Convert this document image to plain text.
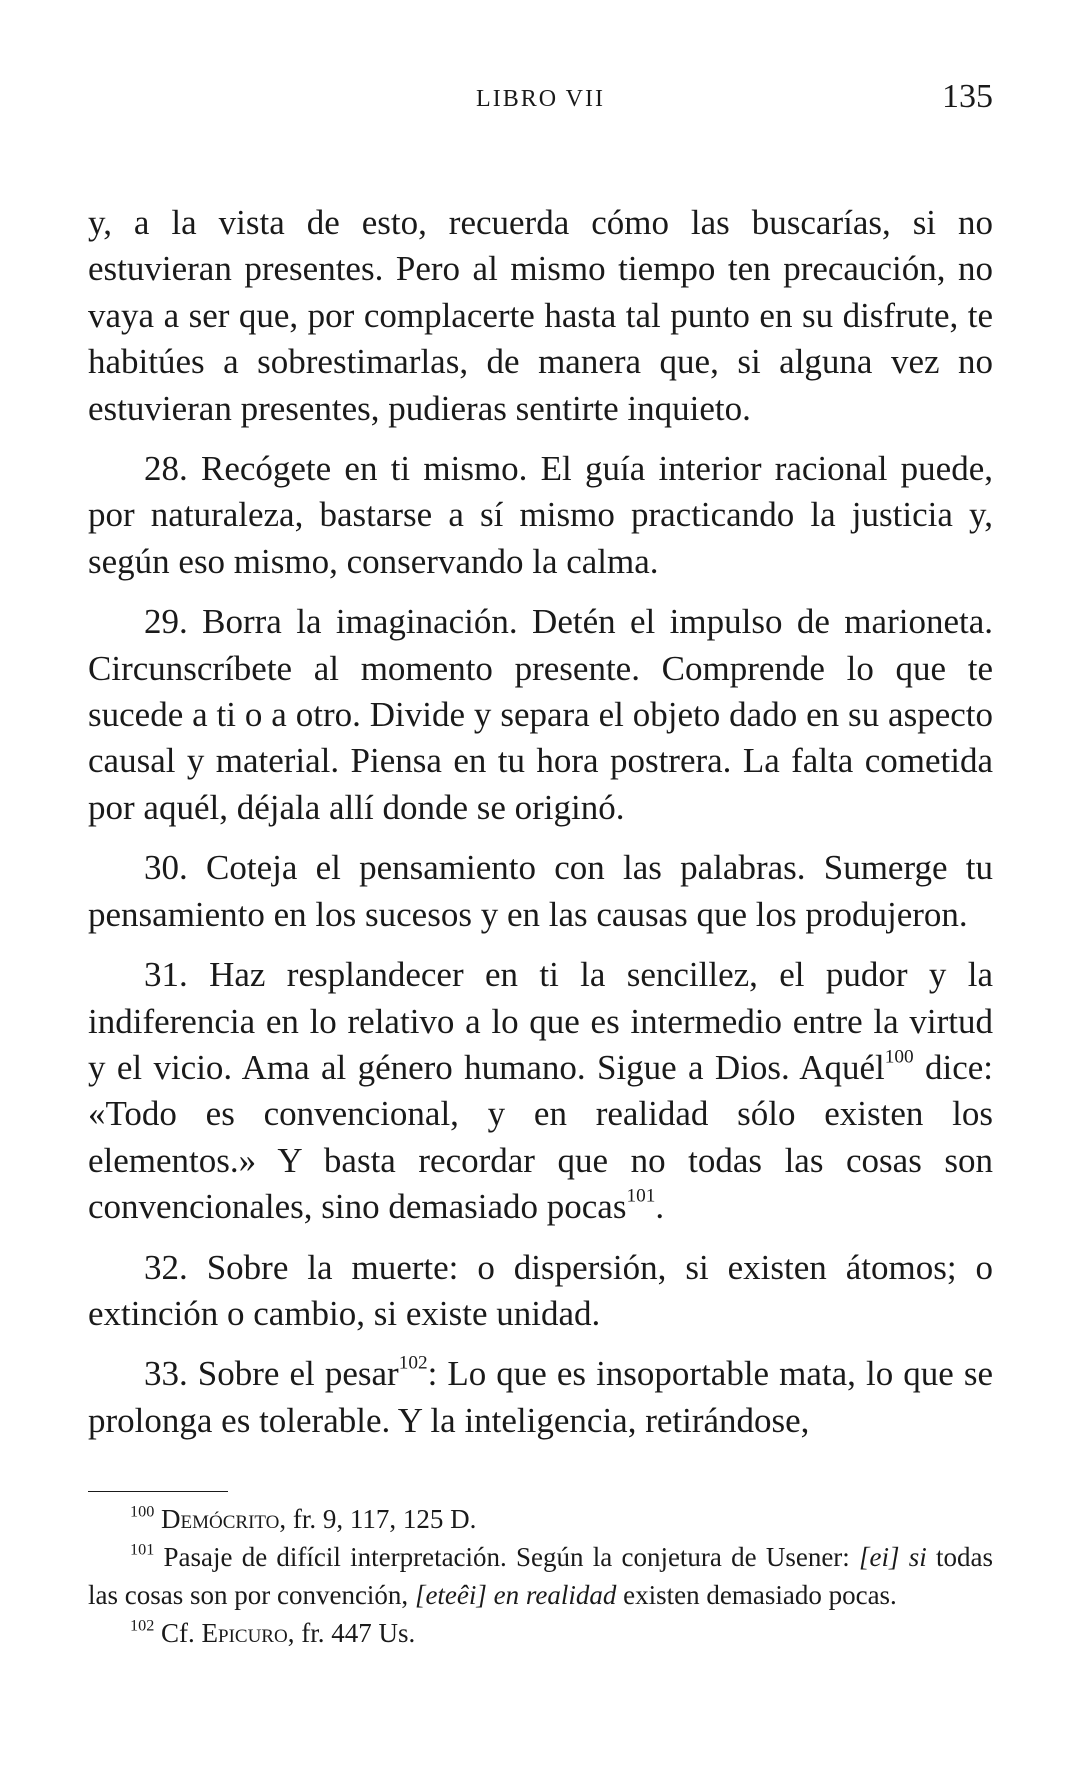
LIBRO VII	135

y, a la vista de esto, recuerda cómo las buscarías, si no estuvieran presentes. Pero al mismo tiempo ten precaución, no vaya a ser que, por complacerte hasta tal punto en su disfrute, te habitúes a sobrestimarlas, de manera que, si alguna vez no estuvieran presentes, pudieras sentirte inquieto.

28. Recógete en ti mismo. El guía interior racional puede, por naturaleza, bastarse a sí mismo practicando la justicia y, según eso mismo, conservando la calma.

29. Borra la imaginación. Detén el impulso de marioneta. Circunscríbete al momento presente. Comprende lo que te sucede a ti o a otro. Divide y separa el objeto dado en su aspecto causal y material. Piensa en tu hora postrera. La falta cometida por aquél, déjala allí donde se originó.

30. Coteja el pensamiento con las palabras. Sumerge tu pensamiento en los sucesos y en las causas que los produjeron.

31. Haz resplandecer en ti la sencillez, el pudor y la indiferencia en lo relativo a lo que es intermedio entre la virtud y el vicio. Ama al género humano. Sigue a Dios. Aquél$^{100}$ dice: «Todo es convencional, y en realidad sólo existen los elementos.» Y basta recordar que no todas las cosas son convencionales, sino demasiado pocas$^{101}$.

32. Sobre la muerte: o dispersión, si existen átomos; o extinción o cambio, si existe unidad.

33. Sobre el pesar$^{102}$: Lo que es insoportable mata, lo que se prolonga es tolerable. Y la inteligencia, retirándose,

$^{100}$ Demócrito, fr. 9, 117, 125 D.

$^{101}$ Pasaje de difícil interpretación. Según la conjetura de Usener: [ei] si todas las cosas son por convención, [eteêi] en realidad existen demasiado pocas.

$^{102}$ Cf. Epicuro, fr. 447 Us.
